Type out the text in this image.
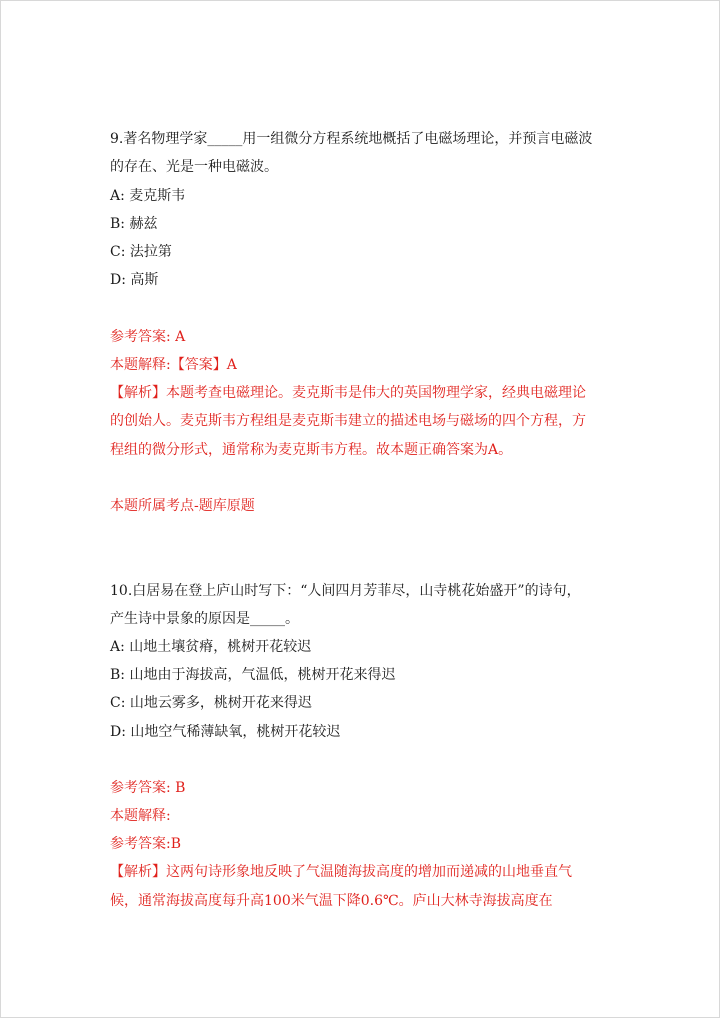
9.著名物理学家_____用一组微分方程系统地概括了电磁场理论，并预言电磁波
的存在、光是一种电磁波。
A: 麦克斯韦
B: 赫兹
C: 法拉第
D: 高斯
参考答案: A
本题解释:【答案】A
【解析】本题考查电磁理论。麦克斯韦是伟大的英国物理学家，经典电磁理论
的创始人。麦克斯韦方程组是麦克斯韦建立的描述电场与磁场的四个方程，方
程组的微分形式，通常称为麦克斯韦方程。故本题正确答案为A。
本题所属考点-题库原题
10.白居易在登上庐山时写下：“人间四月芳菲尽，山寺桃花始盛开”的诗句，
产生诗中景象的原因是_____。
A: 山地土壤贫瘠，桃树开花较迟
B: 山地由于海拔高，气温低，桃树开花来得迟
C: 山地云雾多，桃树开花来得迟
D: 山地空气稀薄缺氧，桃树开花较迟
参考答案: B
本题解释:
参考答案:B
【解析】这两句诗形象地反映了气温随海拔高度的增加而递减的山地垂直气
候，通常海拔高度每升高100米气温下降0.6℃。庐山大林寺海拔高度在
